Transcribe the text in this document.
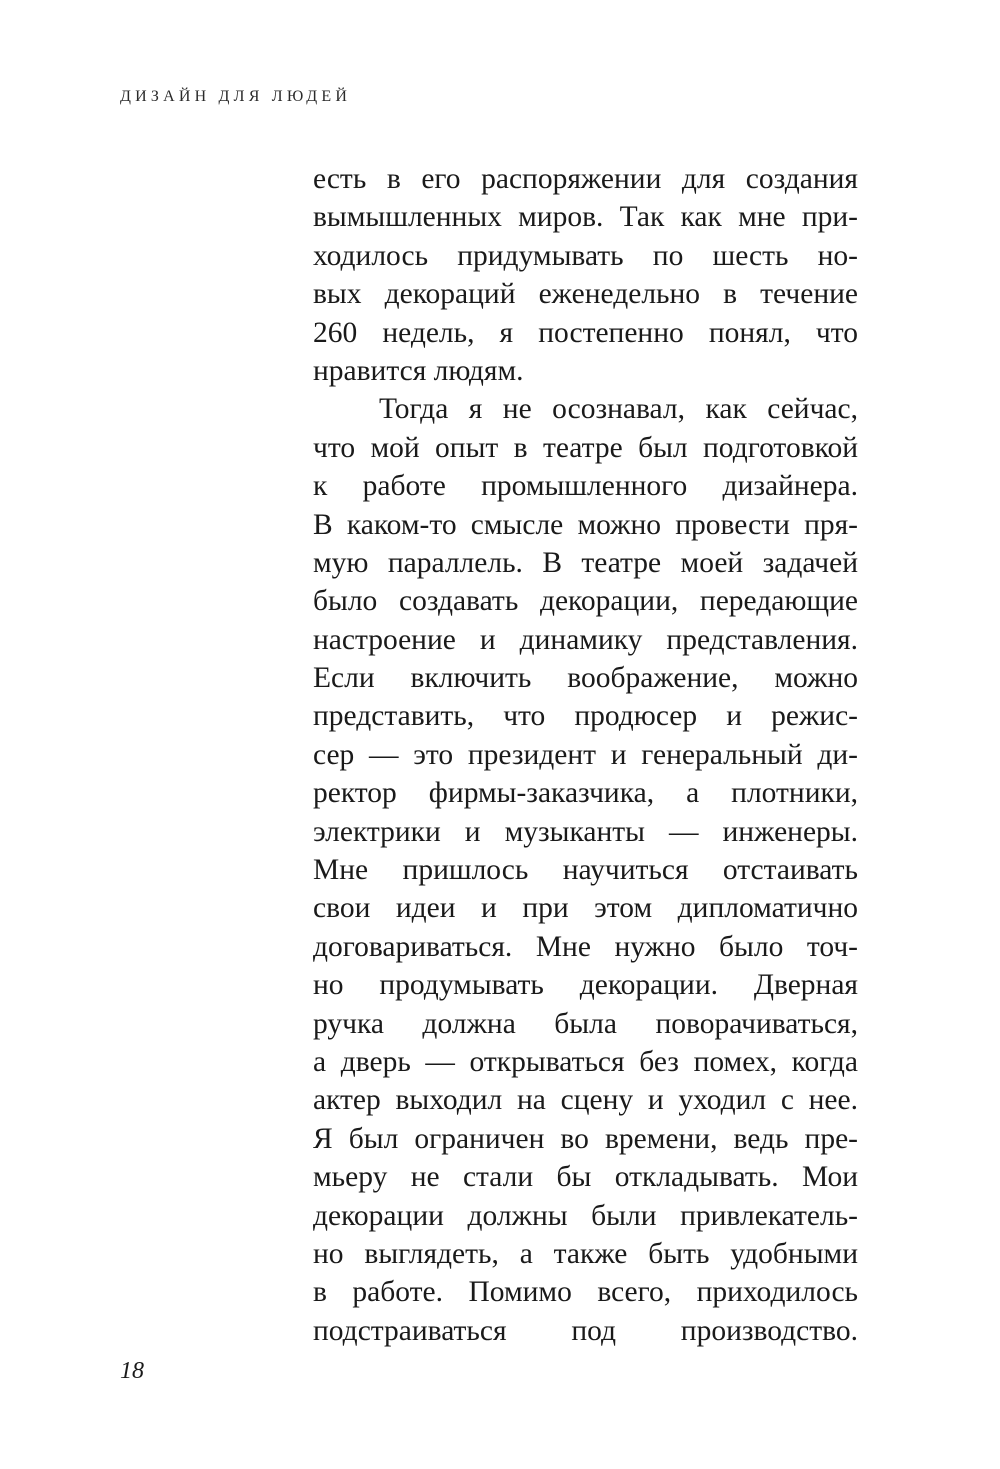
ДИЗАЙН ДЛЯ ЛЮДЕЙ
есть в его распоряжении для создания
вымышленных миров. Так как мне при-
ходилось придумывать по шесть но-
вых декораций еженедельно в течение
260 недель, я постепенно понял, что
нравится людям.
Тогда я не осознавал, как сейчас,
что мой опыт в театре был подготовкой
к работе промышленного дизайнера.
В каком-то смысле можно провести пря-
мую параллель. В театре моей задачей
было создавать декорации, передающие
настроение и динамику представления.
Если включить воображение, можно
представить, что продюсер и режис-
сер — это президент и генеральный ди-
ректор фирмы-заказчика, а плотники,
электрики и музыканты — инженеры.
Мне пришлось научиться отстаивать
свои идеи и при этом дипломатично
договариваться. Мне нужно было точ-
но продумывать декорации. Дверная
ручка должна была поворачиваться,
а дверь — открываться без помех, когда
актер выходил на сцену и уходил с нее.
Я был ограничен во времени, ведь пре-
мьеру не стали бы откладывать. Мои
декорации должны были привлекатель-
но выглядеть, а также быть удобными
в работе. Помимо всего, приходилось
подстраиваться под производство.
18
